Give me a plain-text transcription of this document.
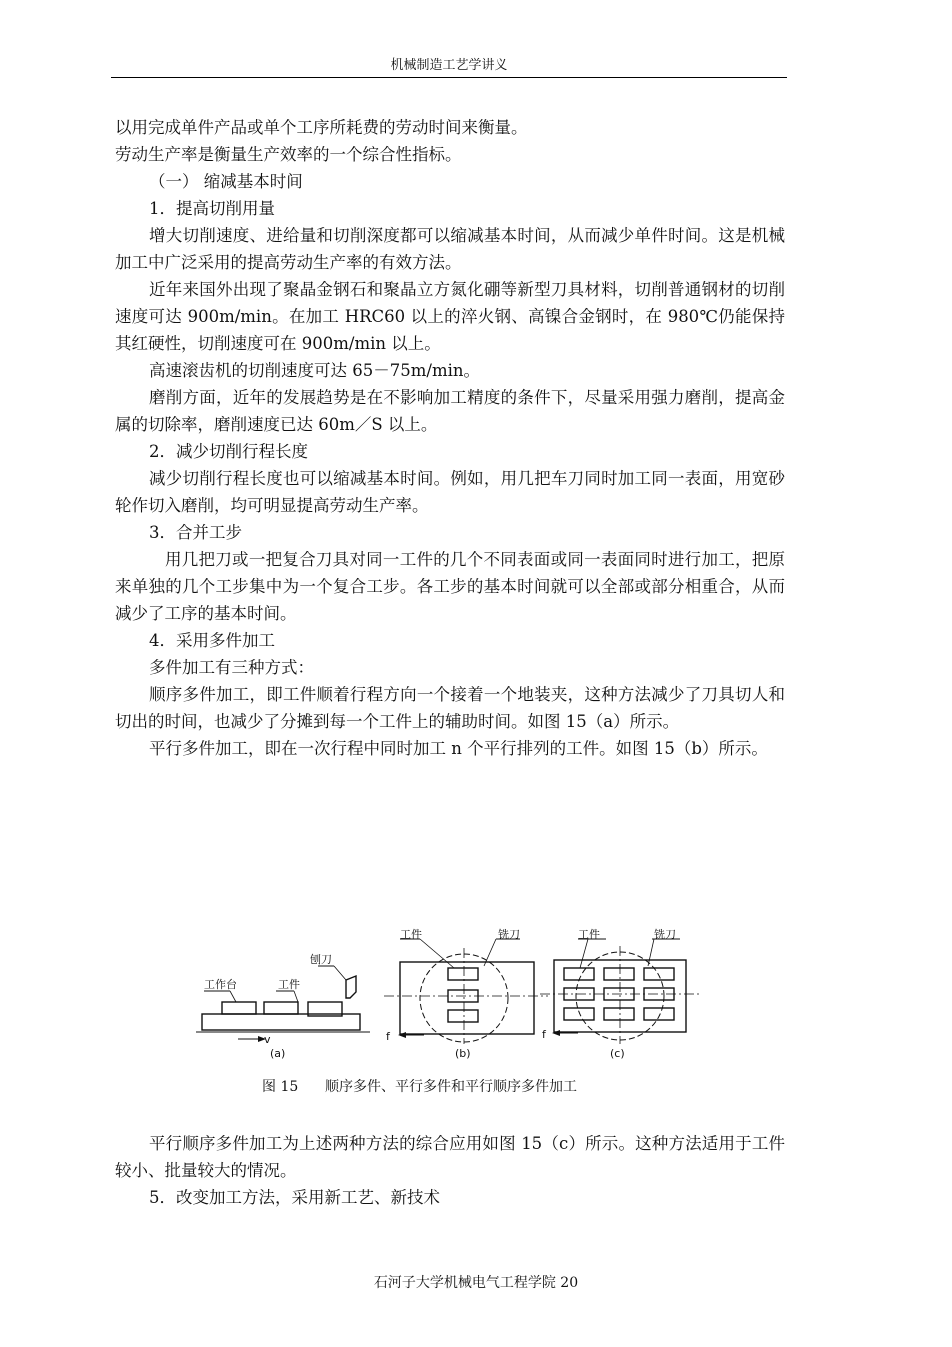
机械制造工艺学讲义

以用完成单件产品或单个工序所耗费的劳动时间来衡量。

劳动生产率是衡量生产效率的一个综合性指标。

（一） 缩减基本时间

1．提高切削用量

增大切削速度、进给量和切削深度都可以缩减基本时间，从而减少单件时间。这是机械加工中广泛采用的提高劳动生产率的有效方法。

近年来国外出现了聚晶金钢石和聚晶立方氮化硼等新型刀具材料，切削普通钢材的切削速度可达 900m/min。在加工 HRC60 以上的淬火钢、高镍合金钢时，在 980℃仍能保持其红硬性，切削速度可在 900m/min 以上。

高速滚齿机的切削速度可达 65－75m/min。

磨削方面，近年的发展趋势是在不影响加工精度的条件下，尽量采用强力磨削，提高金属的切除率，磨削速度已达 60m／S 以上。

2．减少切削行程长度

减少切削行程长度也可以缩减基本时间。例如，用几把车刀同时加工同一表面，用宽砂轮作切入磨削，均可明显提高劳动生产率。

3．合并工步

用几把刀或一把复合刀具对同一工件的几个不同表面或同一表面同时进行加工，把原来单独的几个工步集中为一个复合工步。各工步的基本时间就可以全部或部分相重合，从而减少了工序的基本时间。

4．采用多件加工

多件加工有三种方式：

顺序多件加工，即工件顺着行程方向一个接着一个地装夹，这种方法减少了刀具切人和切出的时间，也减少了分摊到每一个工件上的辅助时间。如图 15（a）所示。

平行多件加工，即在一次行程中同时加工 n 个平行排列的工件。如图 15（b）所示。

刨刀
工作台	工件
v
(a)
工件	铣刀
f
(b)
工件	铣刀
f
(c)
图 15      顺序多件、平行多件和平行顺序多件加工

平行顺序多件加工为上述两种方法的综合应用如图 15（c）所示。这种方法适用于工件较小、批量较大的情况。

5．改变加工方法，采用新工艺、新技术

石河子大学机械电气工程学院 20
